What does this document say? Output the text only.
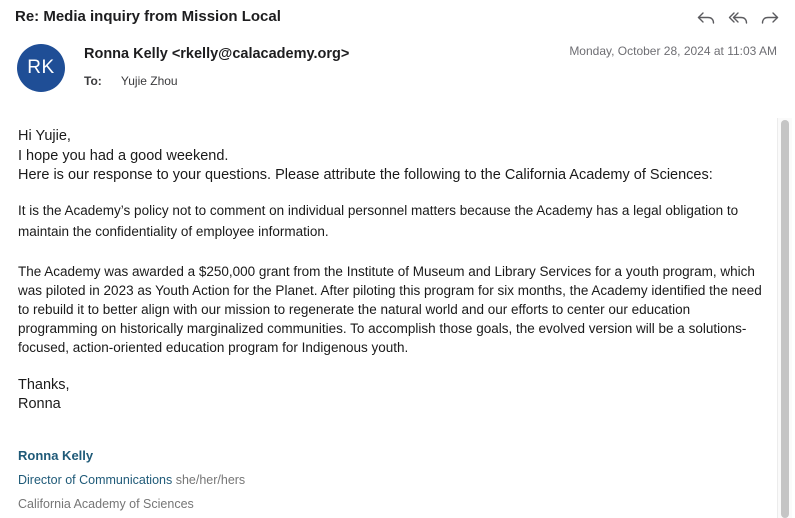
Re: Media inquiry from Mission Local
RK
Ronna Kelly <rkelly@calacademy.org>	Monday, October 28, 2024 at 11:03 AM
To: Yujie Zhou

Hi Yujie,

I hope you had a good weekend.

Here is our response to your questions. Please attribute the following to the California Academy of Sciences:

It is the Academy’s policy not to comment on individual personnel matters because the Academy has a legal obligation to maintain the confidentiality of employee information.

The Academy was awarded a $250,000 grant from the Institute of Museum and Library Services for a youth program, which was piloted in 2023 as Youth Action for the Planet. After piloting this program for six months, the Academy identified the need to rebuild it to better align with our mission to regenerate the natural world and our efforts to center our education programming on historically marginalized communities. To accomplish those goals, the evolved version will be a solutions-focused, action-oriented education program for Indigenous youth.

Thanks,

Ronna

Ronna Kelly
Director of Communications she/her/hers
California Academy of Sciences
